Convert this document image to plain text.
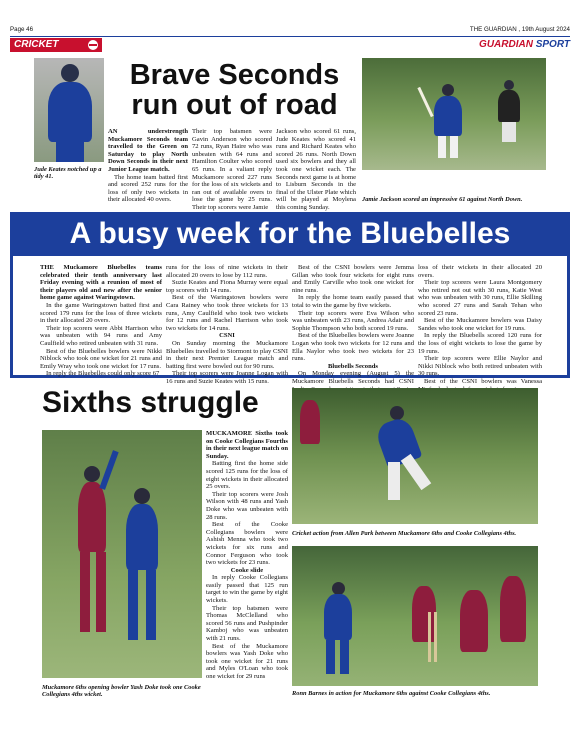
Page 46	THE GUARDIAN , 19th August 2024
CRICKET	GUARDIAN SPORT
Jude Keates notched up a tidy 41.
Brave Seconds run out of road
Jamie Jackson scored an impressive 61 against North Down.

AN understrength Muckamore Seconds team travelled to the Green on Saturday to play North Down Seconds in their next Junior League match.

The home team batted first and scored 252 runs for the loss of only two wickets in their allocated 40 overs.

Their top batsmen were Gavin Anderson who scored 72 runs, Ryan Haire who was unbeaten with 64 runs and Hamilton Coulter who scored 65 runs. In a valiant reply Muckamore scored 227 runs for the loss of six wickets and ran out of available overs to lose the game by 25 runs. Their top scorers were Jamie

Jackson who scored 61 runs, Jude Keates who scored 41 runs and Richard Keates who scored 26 runs. North Down used six bowlers and they all took one wicket each. The Seconds next game is at home to Lisburn Seconds in the final of the Ulster Plate which will be played at Moylena this coming Sunday.

A busy week for the Bluebelles

THE Muckamore Bluebelles teams celebrated their tenth anniversary last Friday evening with a reunion of most of their players old and new after the senior home game against Waringstown.

In the game Waringstown batted first and scored 179 runs for the loss of three wickets in their allocated 20 overs.

Their top scorers were Abbi Harrison who was unbeaten with 94 runs and Amy Caulfield who retired unbeaten with 31 runs.

Best of the Bluebelles bowlers were Nikki Niblock who took one wicket for 21 runs and Emily Wray who took one wicket for 17 runs.

In reply the Bluebelles could only score 67

runs for the loss of nine wickets in their allocated 20 overs to lose by 112 runs.

Suzie Keates and Fiona Murray were equal top scorers with 14 runs.

Best of the Waringstown bowlers were Cara Rainey who took three wickets for 13 runs, Amy Caulfield who took two wickets for 12 runs and Rachel Harrison who took two wickets for 14 runs.

CSNI

On Sunday morning the Muckamore Bluebelles travelled to Stormont to play CSNI in their next Premier League match and batting first were bowled out for 90 runs.

Their top scorers were Joanne Logan with 16 runs and Suzie Keates with 15 runs.

Best of the CSNI bowlers were Jemma Gillan who took four wickets for eight runs and Emily Carville who took one wicket for nine runs.

In reply the home team easily passed that total to win the game by five wickets.

Their top scorers were Eva Wilson who was unbeaten with 23 runs, Andrea Adair and Sophie Thompson who both scored 19 runs.

Best of the Bluebelles bowlers were Joanne Logan who took two wickets for 12 runs and Ella Naylor who took two wickets for 23 runs.

Bluebells Seconds

On Monday evening (August 5) the Muckamore Bluebells Seconds had CSNI

loss of their wickets in their allocated 20 overs.

Their top scorers were Laura Montgomery who retired not out with 30 runs, Katie West who was unbeaten with 30 runs, Ellie Skilling who scored 27 runs and Sarah Tehan who scored 23 runs.

Best of the Muckamore bowlers was Daisy Sandes who took one wicket for 19 runs.

In reply the Bluebells scored 120 runs for the loss of eight wickets to lose the game by 19 runs.

Their top scorers were Ellie Naylor and Nikki Niblock who both retired unbeaten with 30 runs.

Best of the CSNI bowlers was Vanessa

Sixths struggle
Muckamore 6ths opening bowler Yash Doke took one Cooke Collegians 4ths wicket.

MUCKAMORE Sixths took on Cooke Collegians Fourths in their next league match on Sunday.

Batting first the home side scored 125 runs for the loss of eight wickets in their allocated 25 overs.

Their top scorers were Josh Wilson with 48 runs and Yash Doke who was unbeaten with 28 runs.

Best of the Cooke Collegians bowlers were Ashish Menna who took two wickets for six runs and Connor Ferguson who took two wickets for 23 runs.

Cooke slide

In reply Cooke Collegians easily passed that 125 run target to win the game by eight wickets.

Their top batsmen were Thomas McClelland who scored 56 runs and Pushpinder Kamboj who was unbeaten with 21 runs.

Best of the Muckamore bowlers was Yash Doke who took one wicket for 21 runs and Myles O'Loan who took one wicket for 29 runs

Cricket action from Allen Park between Muckamore 6ths and Cooke Collegians 4ths.
Ronn Barnes in action for Muckamore 6ths against Cooke Collegians 4ths.
